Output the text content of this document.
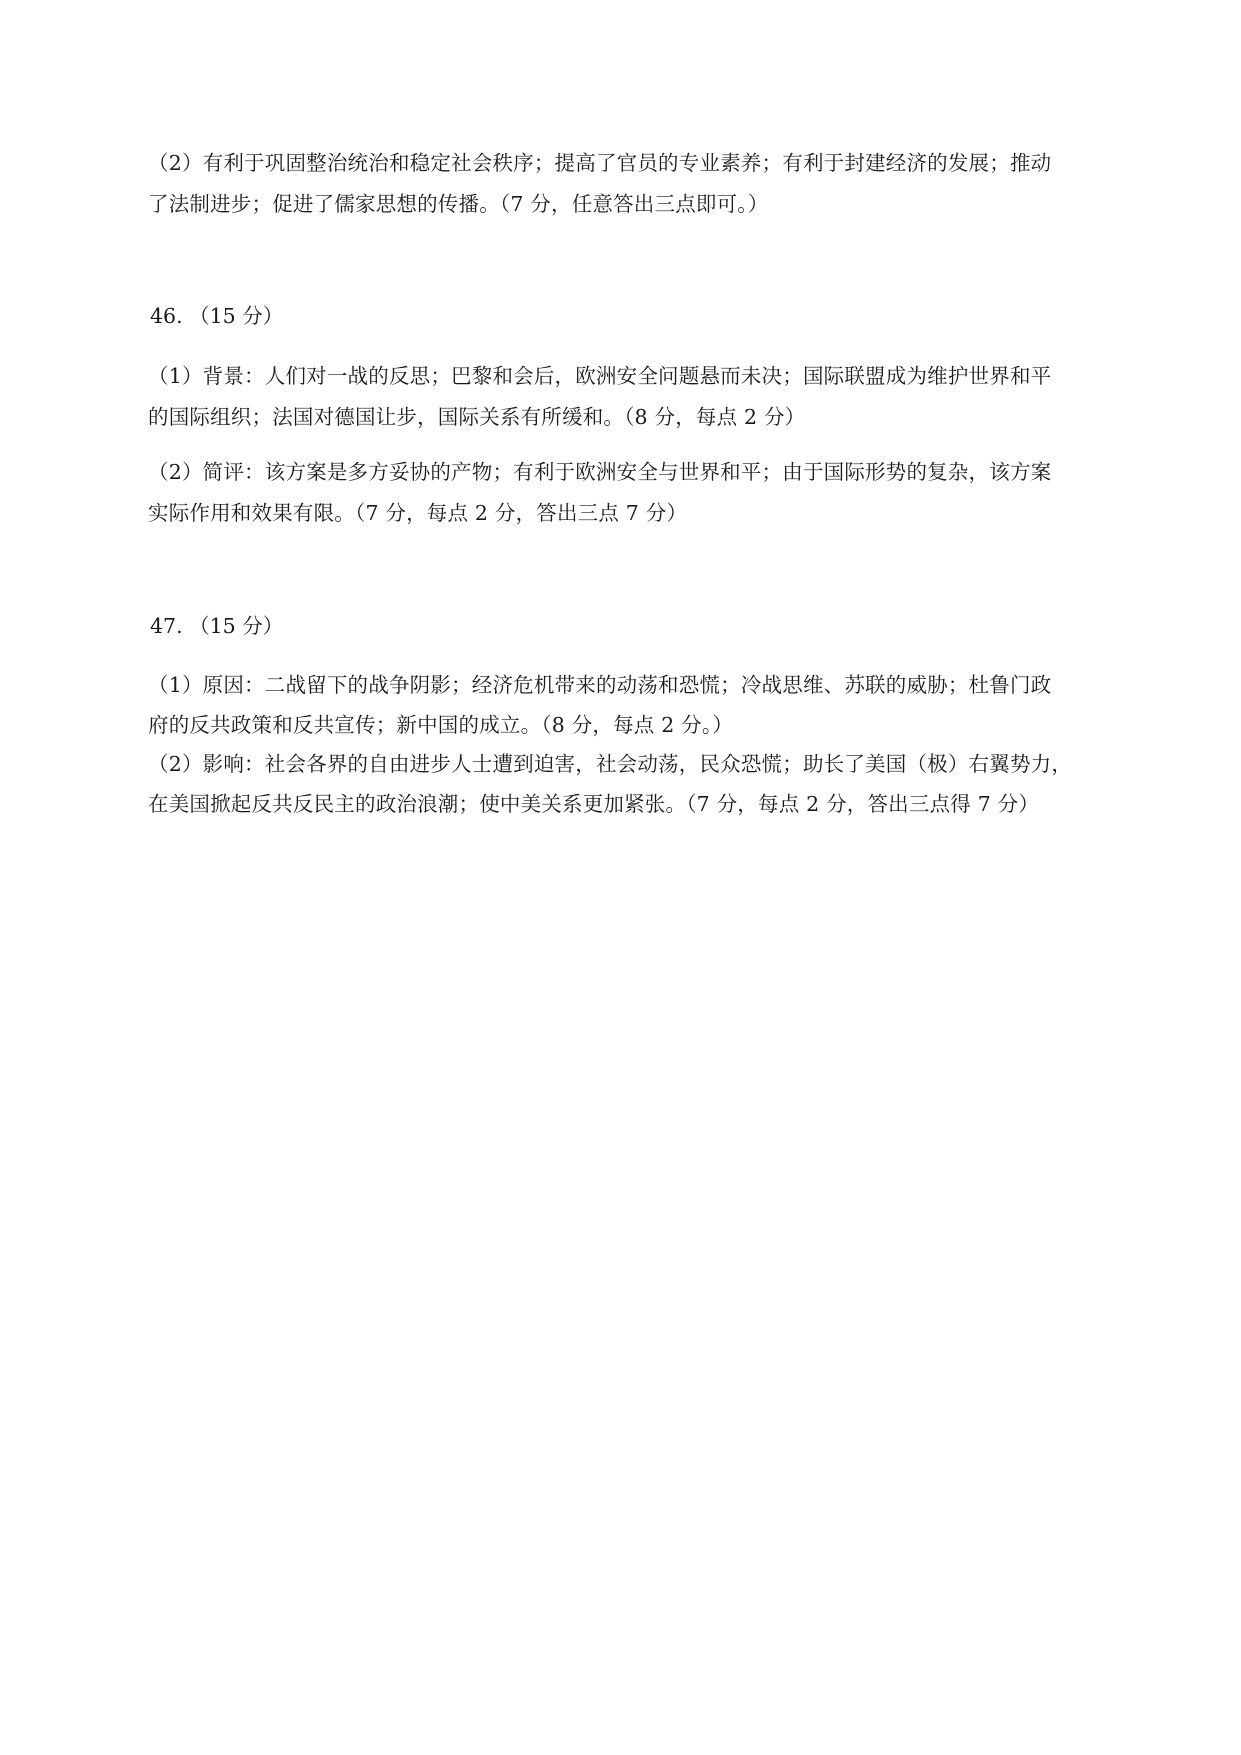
（2）有利于巩固整治统治和稳定社会秩序；提高了官员的专业素养；有利于封建经济的发展；推动
了法制进步；促进了儒家思想的传播。（7 分，任意答出三点即可。）
46. （15 分）
（1）背景：人们对一战的反思；巴黎和会后，欧洲安全问题悬而未决；国际联盟成为维护世界和平
的国际组织；法国对德国让步，国际关系有所缓和。（8 分，每点 2 分）
（2）简评：该方案是多方妥协的产物；有利于欧洲安全与世界和平；由于国际形势的复杂，该方案
实际作用和效果有限。（7 分，每点 2 分，答出三点 7 分）
47. （15 分）
（1）原因：二战留下的战争阴影；经济危机带来的动荡和恐慌；冷战思维、苏联的威胁；杜鲁门政
府的反共政策和反共宣传；新中国的成立。（8 分，每点 2 分。）
（2）影响：社会各界的自由进步人士遭到迫害，社会动荡，民众恐慌；助长了美国（极）右翼势力，
在美国掀起反共反民主的政治浪潮；使中美关系更加紧张。（7 分，每点 2 分，答出三点得 7 分）
